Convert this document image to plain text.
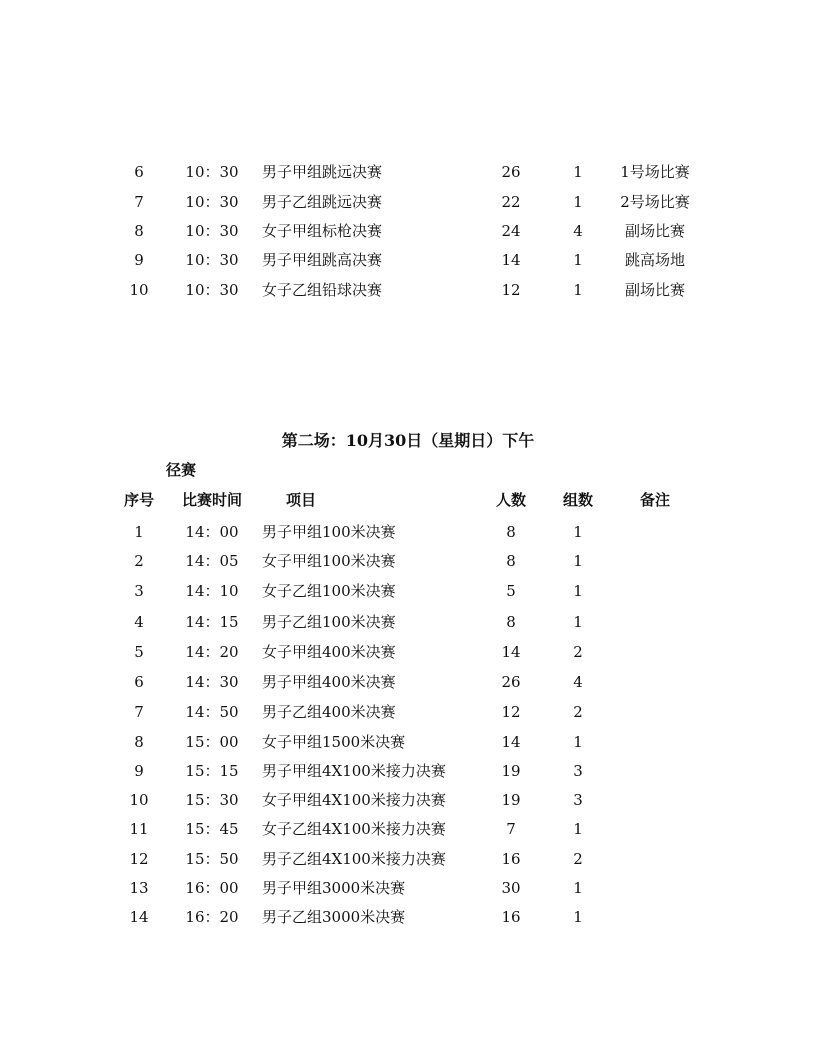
6	10：30	男子甲组跳远决赛	26	1	1号场比赛
7	10：30	男子乙组跳远决赛	22	1	2号场比赛
8	10：30	女子甲组标枪决赛	24	4	副场比赛
9	10：30	男子甲组跳高决赛	14	1	跳高场地
10	10：30	女子乙组铅球决赛	12	1	副场比赛
第二场：10月30日（星期日）下午
径赛
序号	比赛时间	项目	人数	组数	备注
1	14：00	男子甲组100米决赛	8	1
2	14：05	女子甲组100米决赛	8	1
3	14：10	女子乙组100米决赛	5	1
4	14：15	男子乙组100米决赛	8	1
5	14：20	女子甲组400米决赛	14	2
6	14：30	男子甲组400米决赛	26	4
7	14：50	男子乙组400米决赛	12	2
8	15：00	女子甲组1500米决赛	14	1
9	15：15	男子甲组4X100米接力决赛	19	3
10	15：30	女子甲组4X100米接力决赛	19	3
11	15：45	女子乙组4X100米接力决赛	7	1
12	15：50	男子乙组4X100米接力决赛	16	2
13	16：00	男子甲组3000米决赛	30	1
14	16：20	男子乙组3000米决赛	16	1
